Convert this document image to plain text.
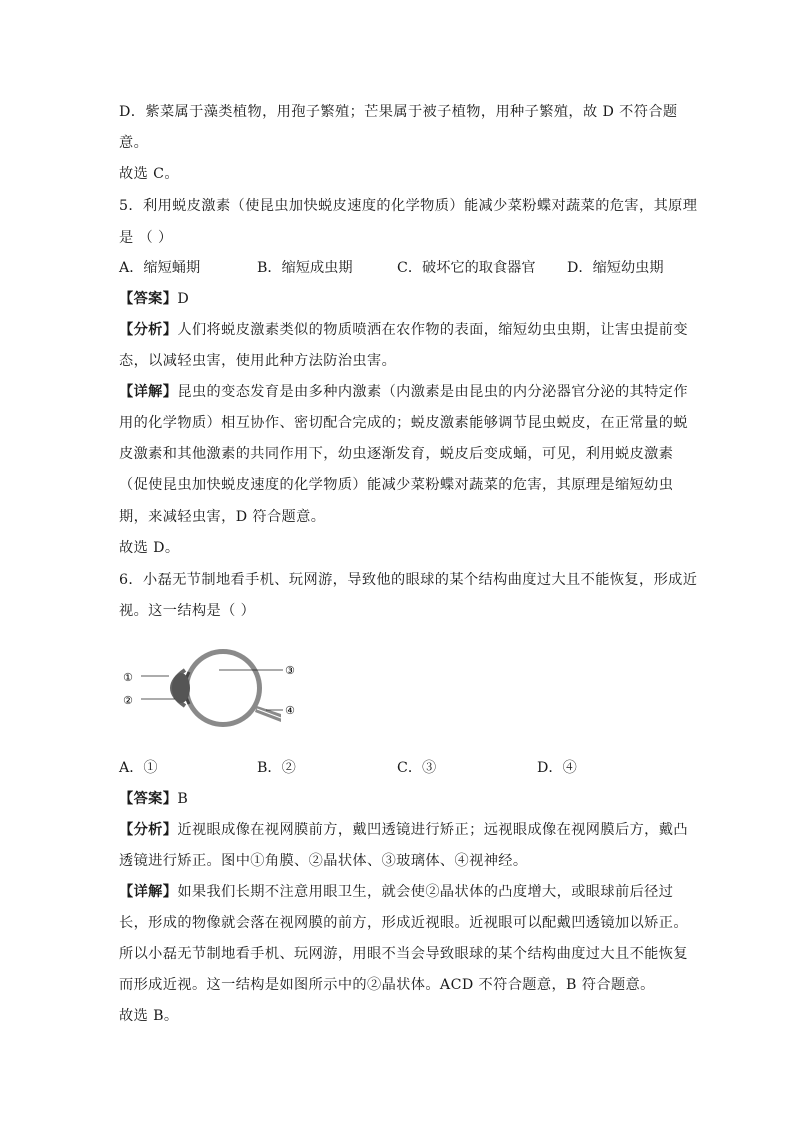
D．紫菜属于藻类植物，用孢子繁殖；芒果属于被子植物，用种子繁殖，故 D 不符合题
意。
故选 C。
5．利用蜕皮激素（使昆虫加快蜕皮速度的化学物质）能减少菜粉蝶对蔬菜的危害，其原理
是 （ ）
A．缩短蛹期	B．缩短成虫期	C．破坏它的取食器官 D．缩短幼虫期
【答案】D
【分析】人们将蜕皮激素类似的物质喷洒在农作物的表面，缩短幼虫虫期，让害虫提前变
态，以减轻虫害，使用此种方法防治虫害。
【详解】昆虫的变态发育是由多种内激素（内激素是由昆虫的内分泌器官分泌的其特定作
用的化学物质）相互协作、密切配合完成的；蜕皮激素能够调节昆虫蜕皮，在正常量的蜕
皮激素和其他激素的共同作用下，幼虫逐渐发育，蜕皮后变成蛹，可见，利用蜕皮激素
（促使昆虫加快蜕皮速度的化学物质）能减少菜粉蝶对蔬菜的危害，其原理是缩短幼虫
期，来减轻虫害，D 符合题意。
故选 D。
6．小磊无节制地看手机、玩网游，导致他的眼球的某个结构曲度过大且不能恢复，形成近
视。这一结构是（ ）
①
②
③
④
A．①	B．②	C．③	D．④
【答案】B
【分析】近视眼成像在视网膜前方，戴凹透镜进行矫正；远视眼成像在视网膜后方，戴凸
透镜进行矫正。图中①角膜、②晶状体、③玻璃体、④视神经。
【详解】如果我们长期不注意用眼卫生，就会使②晶状体的凸度增大，或眼球前后径过
长，形成的物像就会落在视网膜的前方，形成近视眼。近视眼可以配戴凹透镜加以矫正。
所以小磊无节制地看手机、玩网游，用眼不当会导致眼球的某个结构曲度过大且不能恢复
而形成近视。这一结构是如图所示中的②晶状体。ACD 不符合题意，B 符合题意。
故选 B。
